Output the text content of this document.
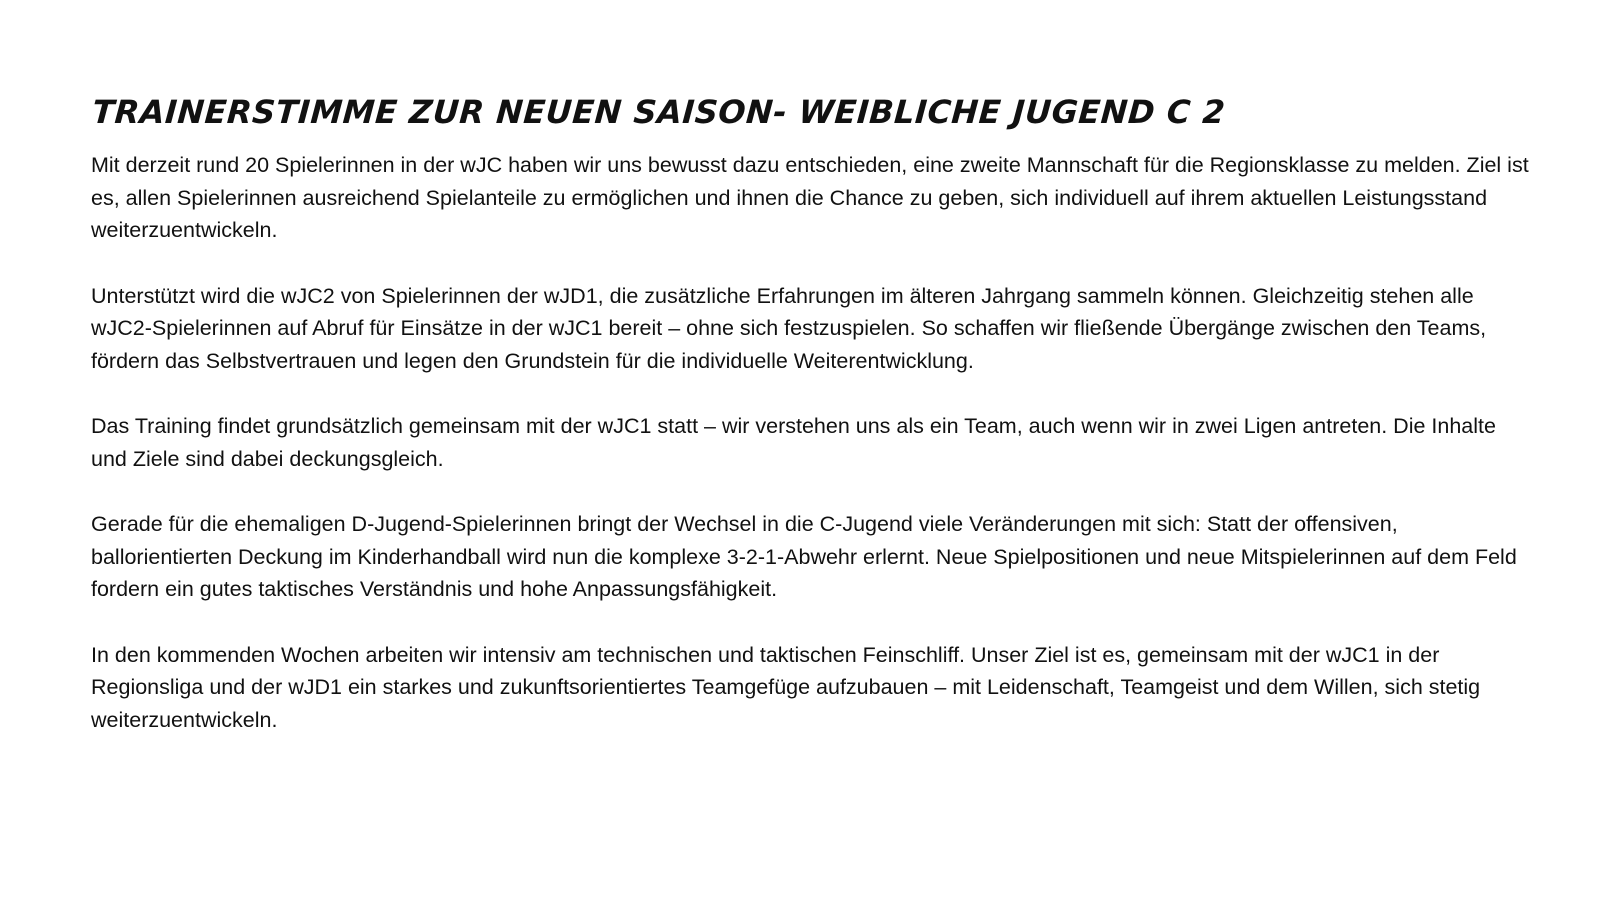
TRAINERSTIMME ZUR NEUEN SAISON- WEIBLICHE JUGEND C 2

Mit derzeit rund 20 Spielerinnen in der wJC haben wir uns bewusst dazu entschieden, eine zweite Mannschaft für die Regionsklasse zu melden. Ziel ist es, allen Spielerinnen ausreichend Spielanteile zu ermöglichen und ihnen die Chance zu geben, sich individuell auf ihrem aktuellen Leistungsstand weiterzuentwickeln.

Unterstützt wird die wJC2 von Spielerinnen der wJD1, die zusätzliche Erfahrungen im älteren Jahrgang sammeln können. Gleichzeitig stehen alle wJC2-Spielerinnen auf Abruf für Einsätze in der wJC1 bereit – ohne sich festzuspielen. So schaffen wir fließende Übergänge zwischen den Teams, fördern das Selbstvertrauen und legen den Grundstein für die individuelle Weiterentwicklung.

Das Training findet grundsätzlich gemeinsam mit der wJC1 statt – wir verstehen uns als ein Team, auch wenn wir in zwei Ligen antreten. Die Inhalte und Ziele sind dabei deckungsgleich.

Gerade für die ehemaligen D-Jugend-Spielerinnen bringt der Wechsel in die C-Jugend viele Veränderungen mit sich: Statt der offensiven, ballorientierten Deckung im Kinderhandball wird nun die komplexe 3-2-1-Abwehr erlernt. Neue Spielpositionen und neue Mitspielerinnen auf dem Feld fordern ein gutes taktisches Verständnis und hohe Anpassungsfähigkeit.

In den kommenden Wochen arbeiten wir intensiv am technischen und taktischen Feinschliff. Unser Ziel ist es, gemeinsam mit der wJC1 in der Regionsliga und der wJD1 ein starkes und zukunftsorientiertes Teamgefüge aufzubauen – mit Leidenschaft, Teamgeist und dem Willen, sich stetig weiterzuentwickeln.
